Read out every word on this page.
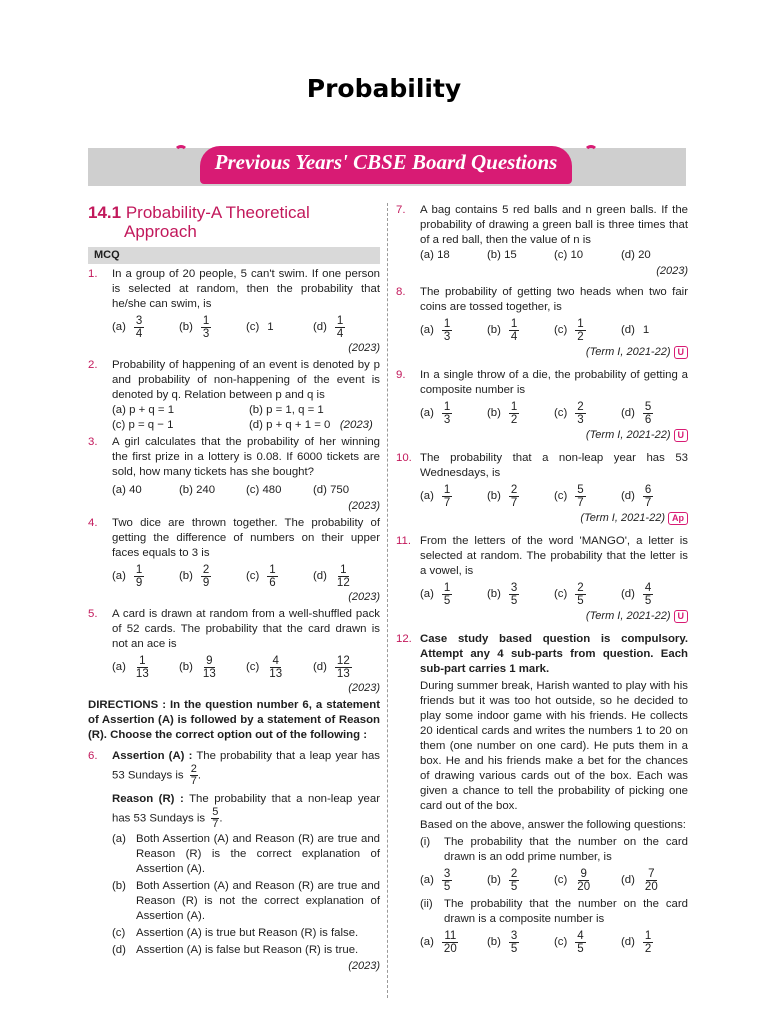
Probability
Previous Years' CBSE Board Questions
14.1 Probability-A Theoretical
Approach
MCQ
1.	In a group of 20 people, 5 can't swim. If one person is selected at random, then the probability that he/she can swim, is
$(a) \frac{3}{4}$	$(b) \frac{1}{3}$	(c) 1	$(d) \frac{1}{4}$
(2023)
2.	Probability of happening of an event is denoted by p and probability of non-happening of the event is denoted by q. Relation between p and q is
(a) p + q = 1	(b) p = 1, q = 1
(c) p = q − 1	(d) p + q + 1 = 0 (2023)
3.	A girl calculates that the probability of her winning the first prize in a lottery is 0.08. If 6000 tickets are sold, how many tickets has she bought?
(a) 40	(b) 240	(c) 480	(d) 750
(2023)
4.	Two dice are thrown together. The probability of getting the difference of numbers on their upper faces equals to 3 is
$(a) \frac{1}{9}$	$(b) \frac{2}{9}$	$(c) \frac{1}{6}$	$(d) \frac{1}{12}$
(2023)
5.	A card is drawn at random from a well-shuffled pack of 52 cards. The probability that the card drawn is not an ace is
$(a) \frac{1}{13} (b) \frac{9}{13} (c) \frac{4}{13}$	$(d) \frac{12}{13}$
(2023)
DIRECTIONS : In the question number 6, a statement of Assertion (A) is followed by a statement of Reason (R). Choose the correct option out of the following :
6.	Assertion (A) : The probability that a leap year has 53 Sundays is $\frac{2}{7}$ .
Reason (R) : The probability that a non-leap year has 53 Sundays is $\frac{5}{7}$ .
(a) Both Assertion (A) and Reason (R) are true and Reason (R) is the correct explanation of Assertion (A).
(b) Both Assertion (A) and Reason (R) are true and Reason (R) is not the correct explanation of Assertion (A).
(c) Assertion (A) is true but Reason (R) is false.
(d) Assertion (A) is false but Reason (R) is true.
(2023)
7.	A bag contains 5 red balls and n green balls. If the probability of drawing a green ball is three times that of a red ball, then the value of n is
(a) 18	(b) 15	(c) 10	(d) 20
(2023)
8.	The probability of getting two heads when two fair coins are tossed together, is
$(a) \frac{1}{3}$	$(b) \frac{1}{4}$	$(c) \frac{1}{2}$	(d) 1
(Term I, 2021-22) U
9.	In a single throw of a die, the probability of getting a composite number is
$(a) \frac{1}{3}$	$(b) \frac{1}{2}$	$(c) \frac{2}{3}$	$(d) \frac{5}{6}$
(Term I, 2021-22) U
10. The probability that a non-leap year has 53 Wednesdays, is
$(a) \frac{1}{7}$	$(b) \frac{2}{7}$	$(c) \frac{5}{7}$	$(d) \frac{6}{7}$
(Term I, 2021-22) Ap
11. From the letters of the word 'MANGO', a letter is selected at random. The probability that the letter is a vowel, is
$(a) \frac{1}{5}$	$(b) \frac{3}{5}$	$(c) \frac{2}{5}$	$(d) \frac{4}{5}$
(Term I, 2021-22) U
12. Case study based question is compulsory. Attempt any 4 sub-parts from question. Each sub-part carries 1 mark.
During summer break, Harish wanted to play with his friends but it was too hot outside, so he decided to play some indoor game with his friends. He collects 20 identical cards and writes the numbers 1 to 20 on them (one number on one card). He puts them in a box. He and his friends make a bet for the chances of drawing various cards out of the box. Each was given a chance to tell the probability of picking one card out of the box.
Based on the above, answer the following questions:
(i)	The probability that the number on the card drawn is an odd prime number, is
$(a) \frac{3}{5}$	$(b) \frac{2}{5}$	$(c) \frac{9}{20}$	$(d) \frac{7}{20}$
(ii) The probability that the number on the card drawn is a composite number is
$(a) \frac{11}{20} (b) \frac{3}{5}$	$(c) \frac{4}{5}$	$(d) \frac{1}{2}$
